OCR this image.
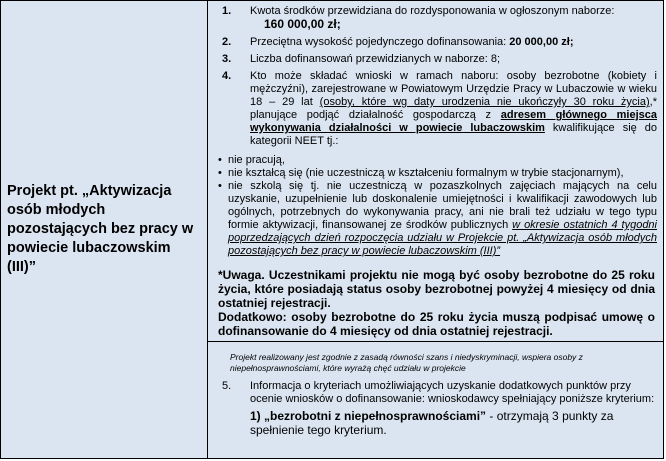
Projekt pt. „Aktywizacja osób młodych pozostających bez pracy w powiecie lubaczowskim (III)”
1.	Kwota środków przewidziana do rozdysponowania w ogłoszonym naborze:
160 000,00 zł;
2.	Przeciętna wysokość pojedynczego dofinansowania: 20 000,00 zł;
3.	Liczba dofinansowań przewidzianych w naborze: 8;
4.	Kto może składać wnioski w ramach naboru: osoby bezrobotne (kobiety i mężczyźni), zarejestrowane w Powiatowym Urzędzie Pracy w Lubaczowie w wieku 18 – 29 lat (osoby, które wg daty urodzenia nie ukończyły 30 roku życia),* planujące podjąć działalność gospodarczą z adresem głównego miejsca wykonywania działalności w powiecie lubaczowskim kwalifikujące się do kategorii NEET tj.:
• nie pracują,
• nie kształcą się (nie uczestniczą w kształceniu formalnym w trybie stacjonarnym),
• nie szkolą się tj. nie uczestniczą w pozaszkolnych zajęciach mających na celu uzyskanie, uzupełnienie lub doskonalenie umiejętności i kwalifikacji zawodowych lub ogólnych, potrzebnych do wykonywania pracy, ani nie brali też udziału w tego typu formie aktywizacji, finansowanej ze środków publicznych w okresie ostatnich 4 tygodni poprzedzających dzień rozpoczęcia udziału w Projekcie pt. „Aktywizacja osób młodych pozostających bez pracy w powiecie lubaczowskim (III)”
*Uwaga. Uczestnikami projektu nie mogą być osoby bezrobotne do 25 roku życia, które posiadają status osoby bezrobotnej powyżej 4 miesięcy od dnia ostatniej rejestracji.
Dodatkowo: osoby bezrobotne do 25 roku życia muszą podpisać umowę o dofinansowanie do 4 miesięcy od dnia ostatniej rejestracji.
Projekt realizowany jest zgodnie z zasadą równości szans i niedyskryminacji, wspiera osoby z niepełnosprawnościami, które wyrażą chęć udziału w projekcie
5.	Informacja o kryteriach umożliwiających uzyskanie dodatkowych punktów przy ocenie wniosków o dofinansowanie: wnioskodawcy spełniający poniższe kryterium:
1) „bezrobotni z niepełnosprawnościami” - otrzymają 3 punkty za spełnienie tego kryterium.
